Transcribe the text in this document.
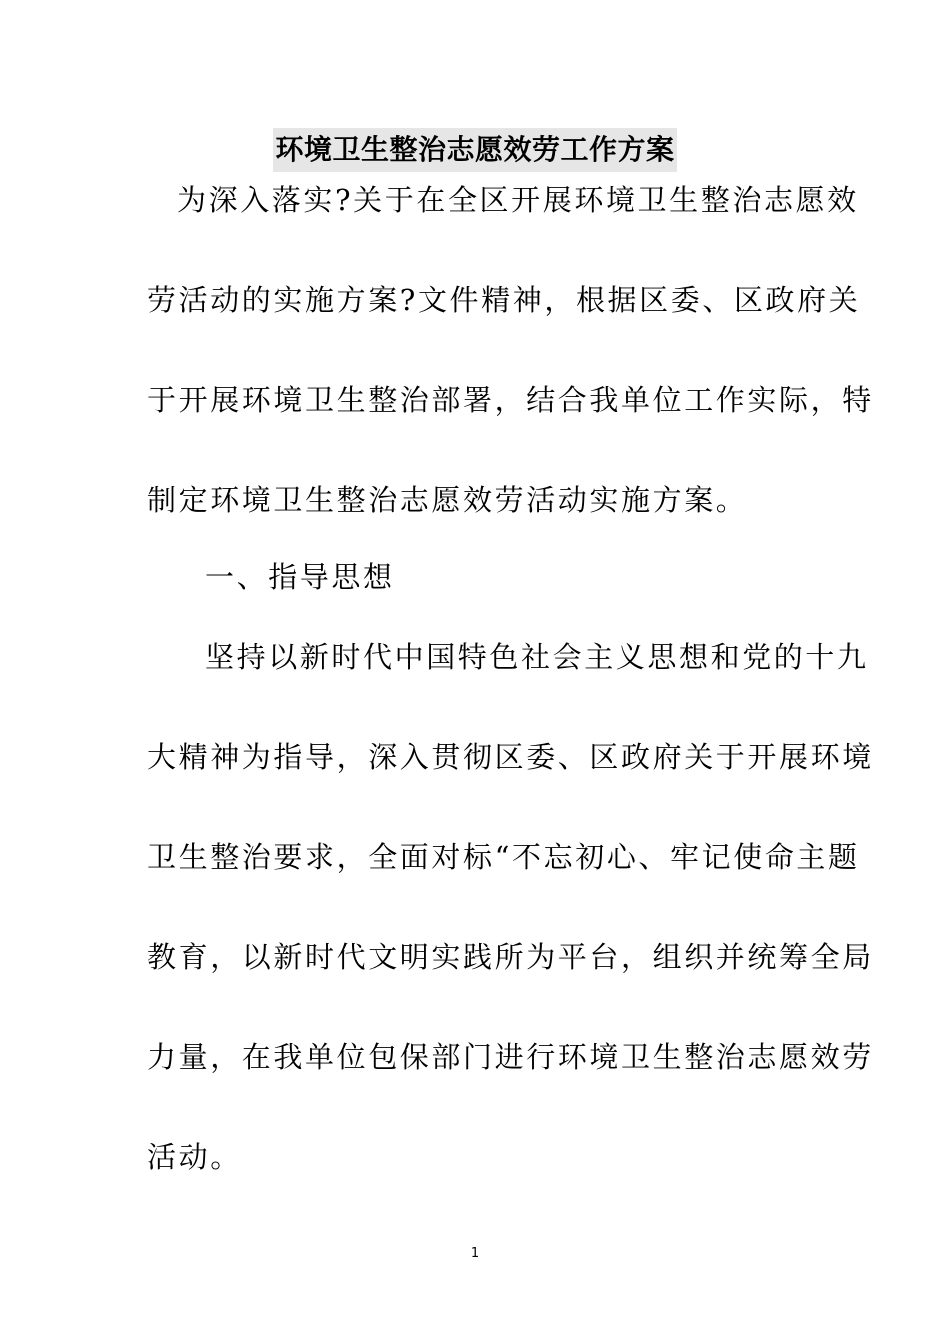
环境卫生整治志愿效劳工作方案
为深入落实?关于在全区开展环境卫生整治志愿效
劳活动的实施方案?文件精神，根据区委、区政府关
于开展环境卫生整治部署，结合我单位工作实际，特
制定环境卫生整治志愿效劳活动实施方案。
一、指导思想
坚持以新时代中国特色社会主义思想和党的十九
大精神为指导，深入贯彻区委、区政府关于开展环境
卫生整治要求，全面对标“不忘初心、牢记使命主题
教育，以新时代文明实践所为平台，组织并统筹全局
力量，在我单位包保部门进行环境卫生整治志愿效劳
活动。
1
